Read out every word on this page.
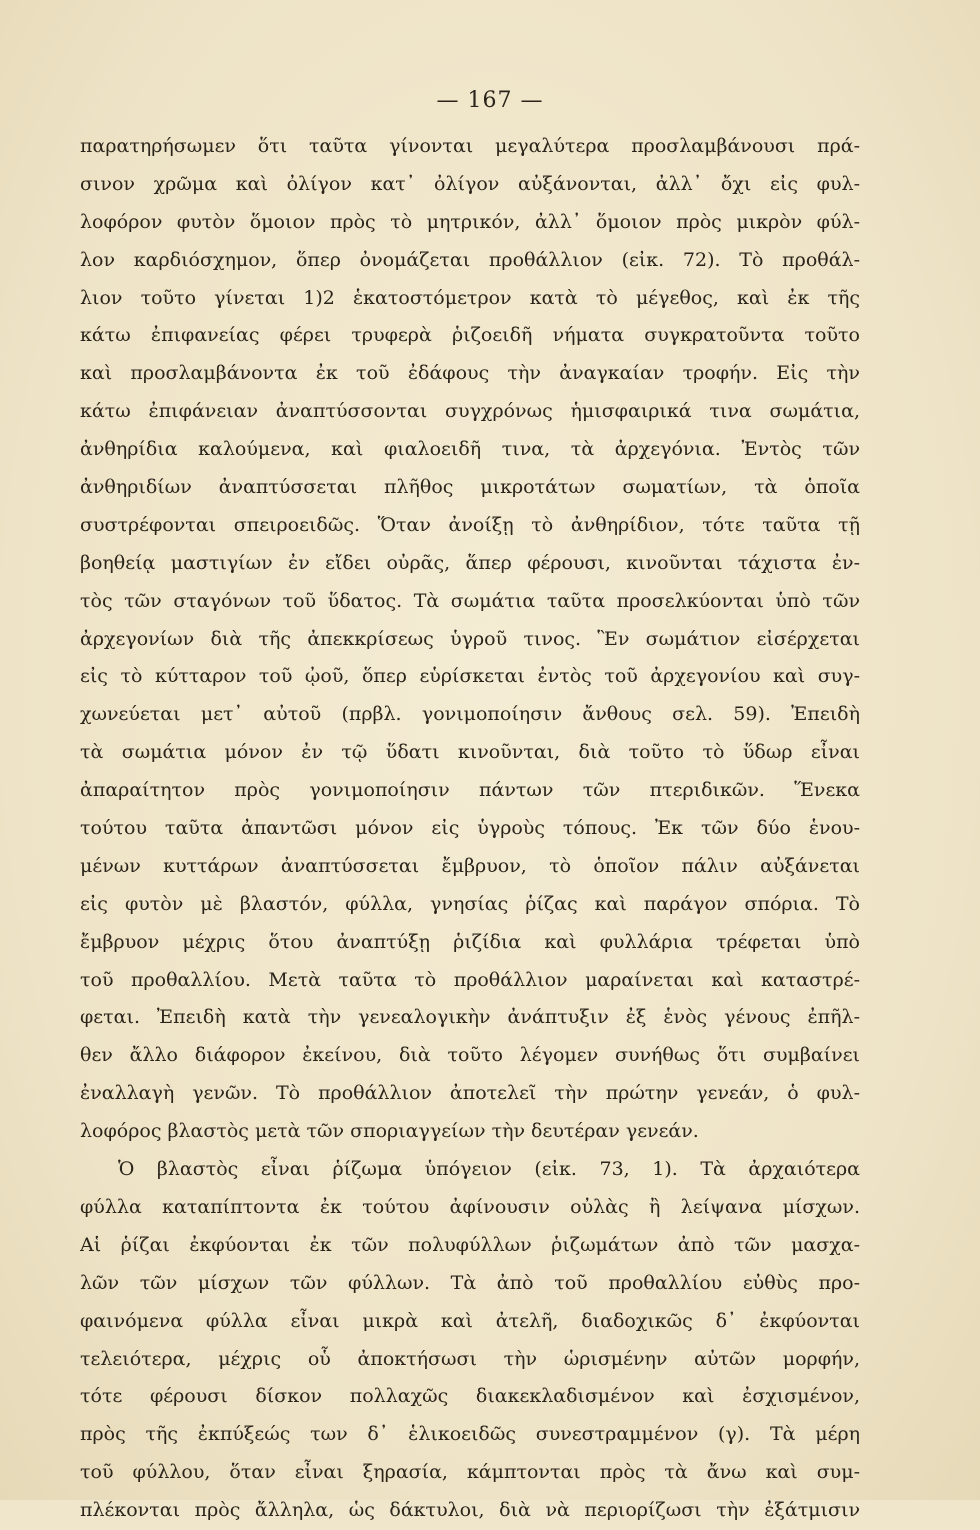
— 167 —
παρατηρήσωμεν ὅτι ταῦτα γίνονται μεγαλύτερα προσλαμβάνουσι πρά-
σινον χρῶμα καὶ ὀλίγον κατ᾽ ὀλίγον αὐξάνονται, ἀλλ᾽ ὄχι εἰς φυλ-
λοφόρον φυτὸν ὅμοιον πρὸς τὸ μητρικόν, ἀλλ᾽ ὅμοιον πρὸς μικρὸν φύλ-
λον καρδιόσχημον, ὅπερ ὀνομάζεται προθάλλιον (εἰκ. 72). Τὸ προθάλ-
λιον τοῦτο γίνεται 1)2 ἑκατοστόμετρον κατὰ τὸ μέγεθος, καὶ ἐκ τῆς
κάτω ἐπιφανείας φέρει τρυφερὰ ῥιζοειδῆ νήματα συγκρατοῦντα τοῦτο
καὶ προσλαμβάνοντα ἐκ τοῦ ἐδάφους τὴν ἀναγκαίαν τροφήν. Εἰς τὴν
κάτω ἐπιφάνειαν ἀναπτύσσονται συγχρόνως ἡμισφαιρικά τινα σωμάτια,
ἀνθηρίδια καλούμενα, καὶ φιαλοειδῆ τινα, τὰ ἀρχεγόνια. Ἐντὸς τῶν
ἀνθηριδίων ἀναπτύσσεται πλῆθος μικροτάτων σωματίων, τὰ ὁποῖα
συστρέφονται σπειροειδῶς. Ὅταν ἀνοίξῃ τὸ ἀνθηρίδιον, τότε ταῦτα τῇ
βοηθείᾳ μαστιγίων ἐν εἴδει οὐρᾶς, ἅπερ φέρουσι, κινοῦνται τάχιστα ἐν-
τὸς τῶν σταγόνων τοῦ ὕδατος. Τὰ σωμάτια ταῦτα προσελκύονται ὑπὸ τῶν
ἀρχεγονίων διὰ τῆς ἀπεκκρίσεως ὑγροῦ τινος. Ἓν σωμάτιον εἰσέρχεται
εἰς τὸ κύτταρον τοῦ ᾠοῦ, ὅπερ εὑρίσκεται ἐντὸς τοῦ ἀρχεγονίου καὶ συγ-
χωνεύεται μετ᾽ αὐτοῦ (πρβλ. γονιμοποίησιν ἄνθους σελ. 59). Ἐπειδὴ
τὰ σωμάτια μόνον ἐν τῷ ὕδατι κινοῦνται, διὰ τοῦτο τὸ ὕδωρ εἶναι
ἀπαραίτητον πρὸς γονιμοποίησιν πάντων τῶν πτεριδικῶν. Ἕνεκα
τούτου ταῦτα ἀπαντῶσι μόνον εἰς ὑγροὺς τόπους. Ἐκ τῶν δύο ἑνου-
μένων κυττάρων ἀναπτύσσεται ἔμβρυον, τὸ ὁποῖον πάλιν αὐξάνεται
εἰς φυτὸν μὲ βλαστόν, φύλλα, γνησίας ῥίζας καὶ παράγον σπόρια. Τὸ
ἔμβρυον μέχρις ὅτου ἀναπτύξῃ ῥιζίδια καὶ φυλλάρια τρέφεται ὑπὸ
τοῦ προθαλλίου. Μετὰ ταῦτα τὸ προθάλλιον μαραίνεται καὶ καταστρέ-
φεται. Ἐπειδὴ κατὰ τὴν γενεαλογικὴν ἀνάπτυξιν ἐξ ἑνὸς γένους ἐπῆλ-
θεν ἄλλο διάφορον ἐκείνου, διὰ τοῦτο λέγομεν συνήθως ὅτι συμβαίνει
ἐναλλαγὴ γενῶν. Τὸ προθάλλιον ἀποτελεῖ τὴν πρώτην γενεάν, ὁ φυλ-
λοφόρος βλαστὸς μετὰ τῶν σποριαγγείων τὴν δευτέραν γενεάν.
Ὁ βλαστὸς εἶναι ῥίζωμα ὑπόγειον (εἰκ. 73, 1). Τὰ ἀρχαιότερα
φύλλα καταπίπτοντα ἐκ τούτου ἀφίνουσιν οὐλὰς ἢ λείψανα μίσχων.
Αἱ ῥίζαι ἐκφύονται ἐκ τῶν πολυφύλλων ῥιζωμάτων ἀπὸ τῶν μασχα-
λῶν τῶν μίσχων τῶν φύλλων. Τὰ ἀπὸ τοῦ προθαλλίου εὐθὺς προ-
φαινόμενα φύλλα εἶναι μικρὰ καὶ ἀτελῆ, διαδοχικῶς δ᾽ ἐκφύονται
τελειότερα, μέχρις οὗ ἀποκτήσωσι τὴν ὡρισμένην αὐτῶν μορφήν,
τότε φέρουσι δίσκον πολλαχῶς διακεκλαδισμένον καὶ ἐσχισμένον,
πρὸς τῆς ἐκπύξεώς των δ᾽ ἑλικοειδῶς συνεστραμμένον (γ). Τὰ μέρη
τοῦ φύλλου, ὅταν εἶναι ξηρασία, κάμπτονται πρὸς τὰ ἄνω καὶ συμ-
πλέκονται πρὸς ἄλληλα, ὡς δάκτυλοι, διὰ νὰ περιορίζωσι τὴν ἐξάτμισιν
